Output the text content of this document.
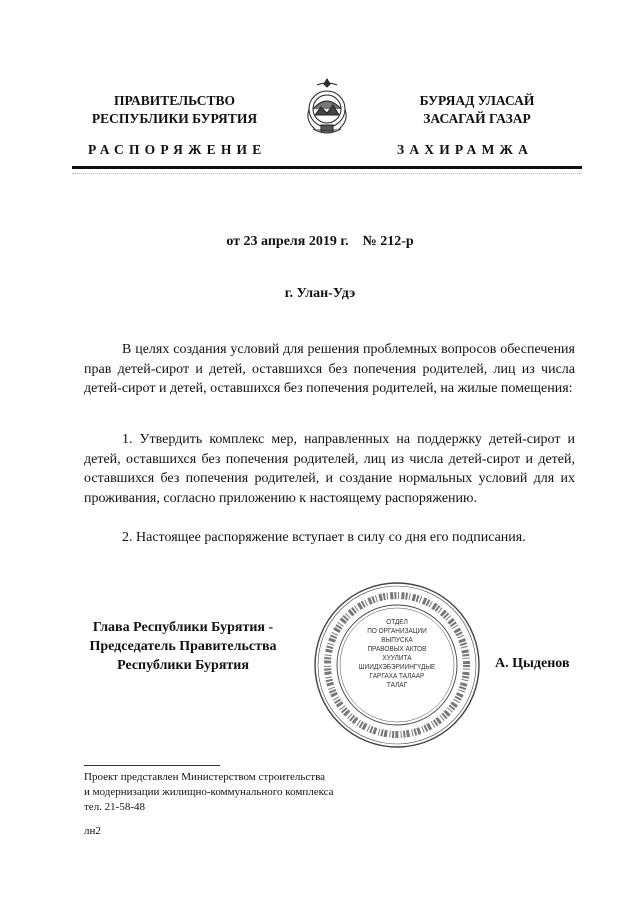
ПРАВИТЕЛЬСТВО
РЕСПУБЛИКИ БУРЯТИЯ
БУРЯАД УЛАСАЙ
ЗАСАГАЙ ГАЗАР
РАСПОРЯЖЕНИЕ	ЗАХИРАМЖА
от 23 апреля 2019 г. № 212-р
г. Улан-Удэ

В целях создания условий для решения проблемных вопросов обеспечения прав детей-сирот и детей, оставшихся без попечения родителей, лиц из числа детей-сирот и детей, оставшихся без попечения родителей, на жилые помещения:

1. Утвердить комплекс мер, направленных на поддержку детей-сирот и детей, оставшихся без попечения родителей, лиц из числа детей-сирот и детей, оставшихся без попечения родителей, и создание нормальных условий для их проживания, согласно приложению к настоящему распоряжению.

2. Настоящее распоряжение вступает в силу со дня его подписания.

Глава Республики Бурятия -
Председатель Правительства
Республики Бурятия
ОТДЕЛ
ПО ОРГАНИЗАЦИИ
ВЫПУСКА
ПРАВОВЫХ АКТОВ
ХУУЛИТА
ШИИДХЭБЭРИИНГҮДЫЕ
ГАРГАХА ТАЛААР
ТАЛАГ
А. Цыденов
Проект представлен Министерством строительства
и модернизации жилищно-коммунального комплекса
тел. 21-58-48
лн2
